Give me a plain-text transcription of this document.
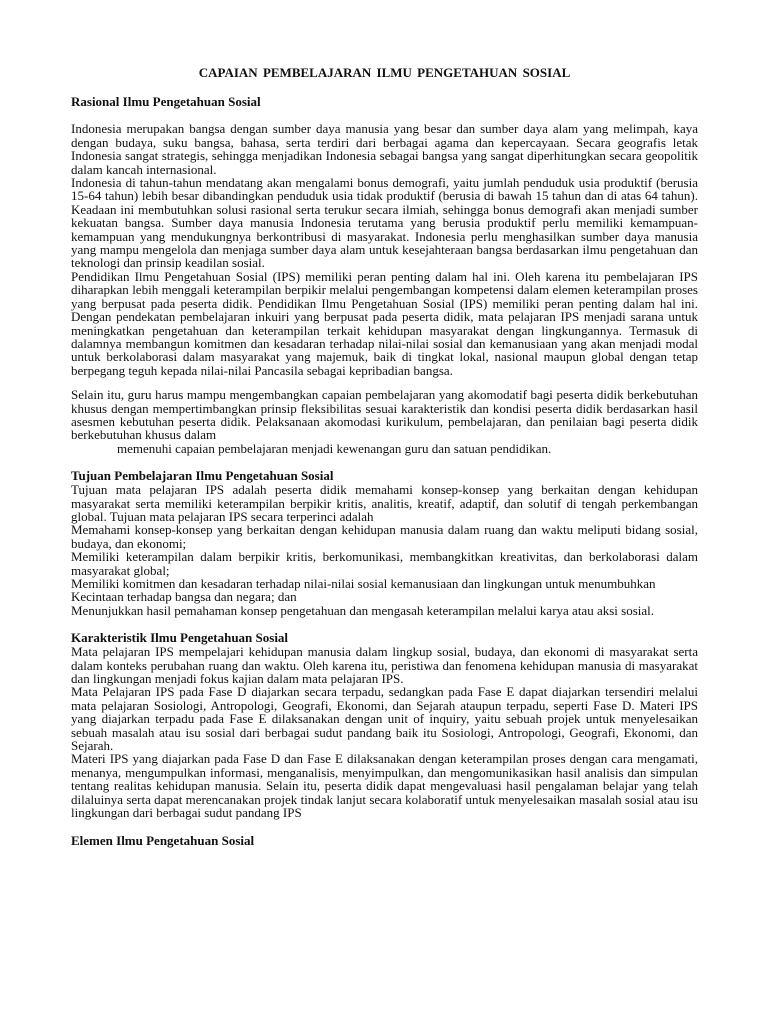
CAPAIAN PEMBELAJARAN ILMU PENGETAHUAN SOSIAL
Rasional Ilmu Pengetahuan Sosial

Indonesia merupakan bangsa dengan sumber daya manusia yang besar dan sumber daya alam yang melimpah, kaya dengan budaya, suku bangsa, bahasa, serta terdiri dari berbagai agama dan kepercayaan. Secara geografis letak Indonesia sangat strategis, sehingga menjadikan Indonesia sebagai bangsa yang sangat diperhitungkan secara geopolitik dalam kancah internasional.

Indonesia di tahun-tahun mendatang akan mengalami bonus demografi, yaitu jumlah penduduk usia produktif (berusia 15-64 tahun) lebih besar dibandingkan penduduk usia tidak produktif (berusia di bawah 15 tahun dan di atas 64 tahun). Keadaan ini membutuhkan solusi rasional serta terukur secara ilmiah, sehingga bonus demografi akan menjadi sumber kekuatan bangsa. Sumber daya manusia Indonesia terutama yang berusia produktif perlu memiliki kemampuan-kemampuan yang mendukungnya berkontribusi di masyarakat. Indonesia perlu menghasilkan sumber daya manusia yang mampu mengelola dan menjaga sumber daya alam untuk kesejahteraan bangsa berdasarkan ilmu pengetahuan dan teknologi dan prinsip keadilan sosial.

Pendidikan Ilmu Pengetahuan Sosial (IPS) memiliki peran penting dalam hal ini. Oleh karena itu pembelajaran IPS diharapkan lebih menggali keterampilan berpikir melalui pengembangan kompetensi dalam elemen keterampilan proses yang berpusat pada peserta didik. Pendidikan Ilmu Pengetahuan Sosial (IPS) memiliki peran penting dalam hal ini. Dengan pendekatan pembelajaran inkuiri yang berpusat pada peserta didik, mata pelajaran IPS menjadi sarana untuk meningkatkan pengetahuan dan keterampilan terkait kehidupan masyarakat dengan lingkungannya. Termasuk di dalamnya membangun komitmen dan kesadaran terhadap nilai-nilai sosial dan kemanusiaan yang akan menjadi modal untuk berkolaborasi dalam masyarakat yang majemuk, baik di tingkat lokal, nasional maupun global dengan tetap berpegang teguh kepada nilai-nilai Pancasila sebagai kepribadian bangsa.

Selain itu, guru harus mampu mengembangkan capaian pembelajaran yang akomodatif bagi peserta didik berkebutuhan khusus dengan mempertimbangkan prinsip fleksibilitas sesuai karakteristik dan kondisi peserta didik berdasarkan hasil asesmen kebutuhan peserta didik. Pelaksanaan akomodasi kurikulum, pembelajaran, dan penilaian bagi peserta didik berkebutuhan khusus dalam

memenuhi capaian pembelajaran menjadi kewenangan guru dan satuan pendidikan.

Tujuan Pembelajaran Ilmu Pengetahuan Sosial

Tujuan mata pelajaran IPS adalah peserta didik memahami konsep-konsep yang berkaitan dengan kehidupan masyarakat serta memiliki keterampilan berpikir kritis, analitis, kreatif, adaptif, dan solutif di tengah perkembangan global. Tujuan mata pelajaran IPS secara terperinci adalah

Memahami konsep-konsep yang berkaitan dengan kehidupan manusia dalam ruang dan waktu meliputi bidang sosial, budaya, dan ekonomi;

Memiliki keterampilan dalam berpikir kritis, berkomunikasi, membangkitkan kreativitas, dan berkolaborasi dalam masyarakat global;

Memiliki komitmen dan kesadaran terhadap nilai-nilai sosial kemanusiaan dan lingkungan untuk menumbuhkan

Kecintaan terhadap bangsa dan negara; dan

Menunjukkan hasil pemahaman konsep pengetahuan dan mengasah keterampilan melalui karya atau aksi sosial.

Karakteristik Ilmu Pengetahuan Sosial

Mata pelajaran IPS mempelajari kehidupan manusia dalam lingkup sosial, budaya, dan ekonomi di masyarakat serta dalam konteks perubahan ruang dan waktu. Oleh karena itu, peristiwa dan fenomena kehidupan manusia di masyarakat dan lingkungan menjadi fokus kajian dalam mata pelajaran IPS.

Mata Pelajaran IPS pada Fase D diajarkan secara terpadu, sedangkan pada Fase E dapat diajarkan tersendiri melalui mata pelajaran Sosiologi, Antropologi, Geografi, Ekonomi, dan Sejarah ataupun terpadu, seperti Fase D. Materi IPS yang diajarkan terpadu pada Fase E dilaksanakan dengan unit of inquiry, yaitu sebuah projek untuk menyelesaikan sebuah masalah atau isu sosial dari berbagai sudut pandang baik itu Sosiologi, Antropologi, Geografi, Ekonomi, dan Sejarah.

Materi IPS yang diajarkan pada Fase D dan Fase E dilaksanakan dengan keterampilan proses dengan cara mengamati, menanya, mengumpulkan informasi, menganalisis, menyimpulkan, dan mengomunikasikan hasil analisis dan simpulan tentang realitas kehidupan manusia. Selain itu, peserta didik dapat mengevaluasi hasil pengalaman belajar yang telah dilaluinya serta dapat merencanakan projek tindak lanjut secara kolaboratif untuk menyelesaikan masalah sosial atau isu lingkungan dari berbagai sudut pandang IPS

Elemen Ilmu Pengetahuan Sosial
